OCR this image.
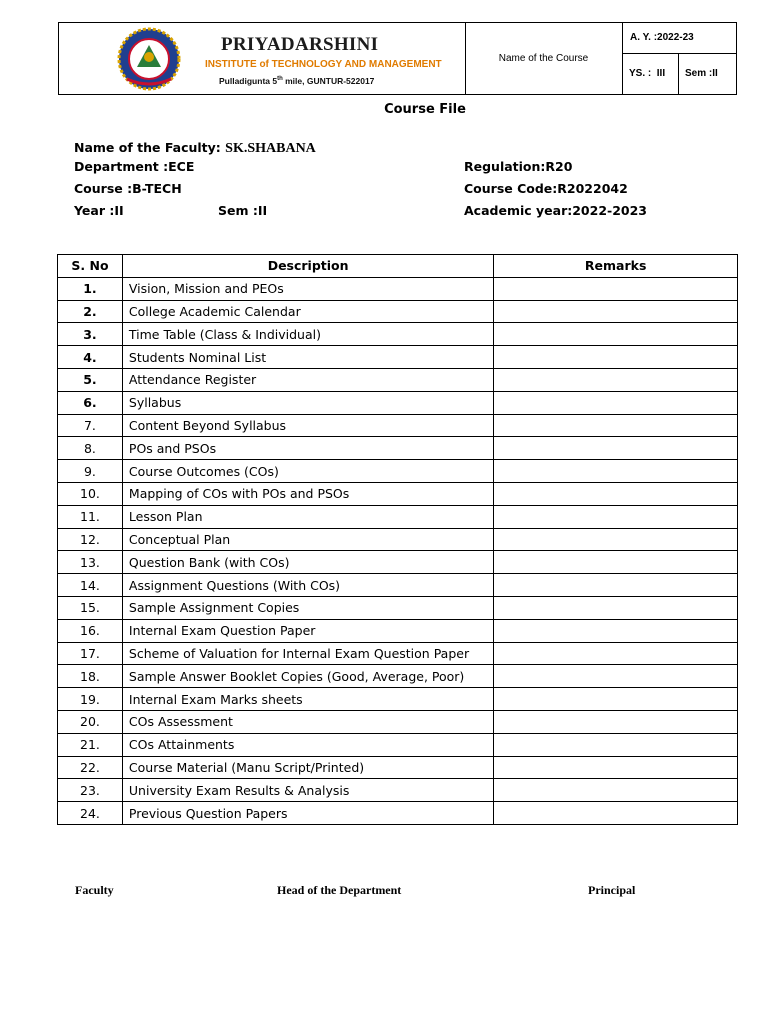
PRIYADARSHINI
INSTITUTE of TECHNOLOGY AND MANAGEMENT
Pulladigunta 5th mile, GUNTUR-522017
Name of the Course
A. Y. :2022-23
YS. :  III Sem :II
Course File
Name of the Faculty: SK.SHABANA
Department :ECE
Course :B-TECH
Year :II	Sem :II
Regulation:R20
Course Code:R2022042
Academic year:2022-2023
S. No	Description	Remarks
1.	Vision, Mission and PEOs	
2.	College Academic Calendar	
3.	Time Table (Class & Individual)	
4.	Students Nominal List	
5.	Attendance Register	
6.	Syllabus	
7.	Content Beyond Syllabus	
8.	POs and PSOs	
9.	Course Outcomes (COs)	
10.	Mapping of COs with POs and PSOs	
11.	Lesson Plan	
12.	Conceptual Plan	
13.	Question Bank (with COs)	
14.	Assignment Questions (With COs)	
15.	Sample Assignment Copies	
16.	Internal Exam Question Paper	
17.	Scheme of Valuation for Internal Exam Question Paper	
18.	Sample Answer Booklet Copies (Good, Average, Poor)	
19.	Internal Exam Marks sheets	
20.	COs Assessment	
21.	COs Attainments	
22.	Course Material (Manu Script/Printed)	
23.	University Exam Results & Analysis	
24.	Previous Question Papers	
Faculty	Head of the Department	Principal
